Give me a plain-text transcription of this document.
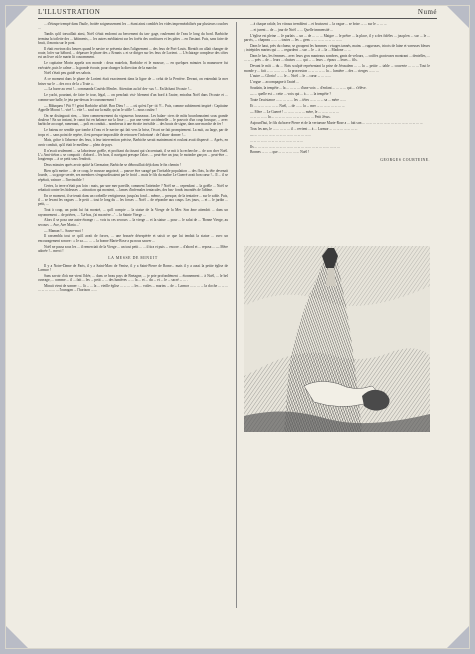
L'ILLUSTRATION	Numé

... d'étoupe trempé dans l'huile, frottée soigneusement les ... étant ainsi comblés les vides imperméabilisés par plusieurs couches ...

Tandis qu'il travaillait ainsi, Noël s'était endormi au bercement du tan- gage, roulement de l'eau le long du bord. Barbiche termina la toilette des ... bâtiments, ... les autres méditaient sur les forêts des confitures et les pâtes ... en l'instant. Puis, sans faire de bruit, il monta sur le pont.

Il était environ dix heures quand le navire se présenta dans l'alignement ... des feux de Port-Louis. Bientôt on allait changer de route, lofer sur bâbord, ... dépasser le phare des « Errants » et se diriger sur les feux de Lorient. ... L'éclairage complexe des côtes est un livre où le marin lit couramment.

Le capitaine Morin appela son monde : deux matelots, Barbiche et le mousse, ... en quelques minutes la manœuvre fut exécutée, puis le calme ... la grande écoute, pour changer la direction de la marche.

Noël s'était peu guidé ses sabots.

A ce moment dans le phare de Lorient était exactement dans la ligne de ... celui de la Perrière. Devant, on entendait la mer briser sur le ... des rocs de la « Truie ».

— La barre au vent !... commanda Couëdo Menlec. Attention au lof des- sus !... En lâchant l'écoute !...

Le yacht, pourtant, de faire le tour, légal, ... on penchait visi- blement d'un bord à l'autre, entraîna Noël dans l'écoute et ... comme une balle, le jeta par-dessus le couronnement !

— Bâbaqueu ! Ptit !!! geint Barbiche affolé. Bon Dieu ! ... ... où qu'est l'pe- tit !?... Puis, comme subitement inspiré : Capitaine Appelle Mooni !... viré !... vite !... sauf sur la mâle, qu'on le siffle !... nous coulez !

On ne distinguait rien, ... bien commencement du vigoureux houseaux. Les balan- ciers de mâts bourdonnaient sous grande douleur ! En un instant, le canot fut en balance sur la lisse ; ... par une vente accidentelle ... le pouvoir d'un coup brusque, ... avec barbiche accoupé, ramenant, ... poli en conduit... nombreux à une étroite invisible ... des bouts de signe, dans une marche de fer !

Le bateau ne semble que tombe à l'eau et le navire qui fait vers la brise, l'écart ne fait promptement. La nuit, au large, par de trops et ... sans point de repère, il est presque impossible de retrouver l'infortuné : de l'aban- donner !...

Mais, grâce à l'absence des feux, à leur intervention précise, Barbiche savait maintenant et roulant avait dispersé. ... Après, en avoir conduit, qu'il était le meilleur ... plein de pays.

Il n'avait seulement ... sa laborieuse goëlle, et profitant du tissant qui s'accentuait, il se mit à la recherche ... de son cher Noël. L'« Ami-tiéton » se compatit : d'abord ... lès bras, il navigant presque l'aloe.. ... peut-être un jour, le moindre garçon ... peut-être ... longtemps ... à ce petit sous l'endroit.

Deux minutes après avoir quitté la Germaine, Barbiche se débrouillait déjà dans le fin chemin !

Bien qu'à mettre ... de ce coup, le mousse angoissé, ... pauvre être suragé par l'irritable population ... des flots, la tête devenait lourde, ... sa gorge serrée, ses membres s'engourdissaient par le froid ... mais le fils du maître Le Guerré avait bon cœur !... Il ... il se répétait, vaincre ... l'invincible !

Certes, la terre n'était pas loin : mais, par une mer pareille, comment l'atteindre ? Noël ne ... cependant ... la goëlle ... Noël se rebattait contre les hideuses ... attraction qui montent, ... lames d'infernales tentacules, des bas- fonds insondés de l'abîme.

En ce moment, il se tenait dans un corbeille vertigineuse, jusqu'au fond ... même, ... presque, de la tentative ... sur le sable. Puis, il ... se levant les vagues ... le petit ... tout le long du ... les fosses ... Noël ... de répondre aux coups. Les jours, ... et ... le jardin ... petit, ...

Tout à coup, un point lui fut montré, ... qu'il compte ... la statue de la Vierge de la Mer. Son âme attendrit ... dans un rayonnement ... de prières, ... 'Là-bas, j'ai ma mère ...' ... la Sainte Vierge ...

Alors il se posa une autre étrange : ... vois tu ces secours ... la vierge ... et la statue ... pour ... le salut de ... 'Bonne Vierge, au secours ... Ave, Ave Maria ...'

— Maman !... Sauve-moi !

Il rassembla tout ce qu'il avait de forces, ... une brassée désespérée et saisit ce que lui tendait la statue ... avec un encouragement sonore : « Je sa...... ... ... la bonne Marie-Rose a pu nous sauver ...

Noël ne passa sous les ... il remerciait de la Vierge ... un tout petit ... ... il tira et puis ... encore ... d'abord et ... reposa ... — Mère adorée !... merci !

LA MESSE DE MINUIT

Il y a Notre-Dame de Paris, il y a Saint-Marc de Venise, il y a Saint-Pierre de Rome... mais il y a aussi la petite église de Larmor !

Sans savoir d'où me vient l'idée, ... dans ce beau pays de Bretagne, ... je prie profondément ... étonnement ... à Noël, ... le bel ouvrage, ... comme ... il ... fait ... les ... petit ... ... des lumières ... ... la ... et ... du ... et ... le ... sacré ... ... .

Minuit vient de sonner : ... là ... ... la ... vieille église ... ... ... ... les ... voiles ... marins ... de ... Larmor ... ... ... ... la cloche ... ... ... ... ... ... ... ... ... l'ouragan ... l'horizon ... ...

... à chaque rafale, les vitraux tremblent ... et bruissent ... la vague ... se brise ... ... sur le ... ... ...

... et jurent ... de ... jour de Noël ... ... Quelle immensité ...

L'église est pleine ... Je parlais ... un ... de ... ... ... Maigre ... le prêtre ... la place, il y a des fidèles ... jusqu'en ... sur ... le ... parvis, ... chapeau ... ... ... toutes ... les ... gens ... ... ... ... ... ... ... ... ...

Dans le haut, près du chœur, se groupent les hommes : visages tannés, mains ... rugueuses, tricots de laine et vareuses bleues ; intrépides marins qui ... ... regardent ... sur ... le ... à ... la ... Madone ... ...

Dans le bas, les femmes... avec leurs gros manteaux sombres, gants de velours, ... coiffes gracieuses montrant ... dentelles, ... ... ... ... près ... de ... leurs ... chaises ... ... qui ... ... leurs ... époux ... leurs ... fils.

Devant le mât ... du ... Bois sculpté représentant la prise de Jérusalem ... ... la ... petite ... table ... couverte ... ... ... Tout le monde y ... fait ... ... ... ... ... ... la procession ... ... ... ... ... la ... lumière ... des ... cierges ... ... ...

L'autre — Gloria! ... ... le ... Noël ... le ... cœur ... ... ... ...

L'orgue ... accompagne à l'autel ...

Soudain, la tempête ... la ... ... ... ... d'une voix ... d'enfant ... ... ... ... qui ... s'élève.

— ... quelle est ... cette ... voix qui ... à ... ... la tempête ?

Toute l'assistance ... ... ... ... ... les ... têtes ... ... ... ... sa ... mère ... ...

Et ... ... ... ... ... ... ... Noël, ... de ... ... la ... mer ... ... ... ... ... ... ... ...

— Mère ... Le Guerré ! ... ... ... ... ... ... mère, le ... ... ... ... ... ...

... ... ... ... ... la ... ... ... ... ... ... ... ... ... ... ... ... Petit Jésus.

Aujourd'hui, le fils du brave Pierre et de la vertueuse Marie-Rose a ... fait son ... ... ... ... ... ... ... ... ... ... ... ... ... ... ... ... ...

Tous les ans, le ... ... ... ... ... il ... revient ... à ... Larmor ... ... ... ... ... ... ... ...

— ... ... ... ... ... ... ... ... ... ... ... ... ... ... ... ...

... ... ... ... ... ... ... ... ... ... ... ... ... ... ...

Ils ... ... ... ... ... ... ... ... ... ... ... ... ... ... ... ... ... ... ... ... ... ... ... ...

Bonnes ... ... ... que ... ... ... ... ... ... Noël !

GEORGES COURTEINE.
